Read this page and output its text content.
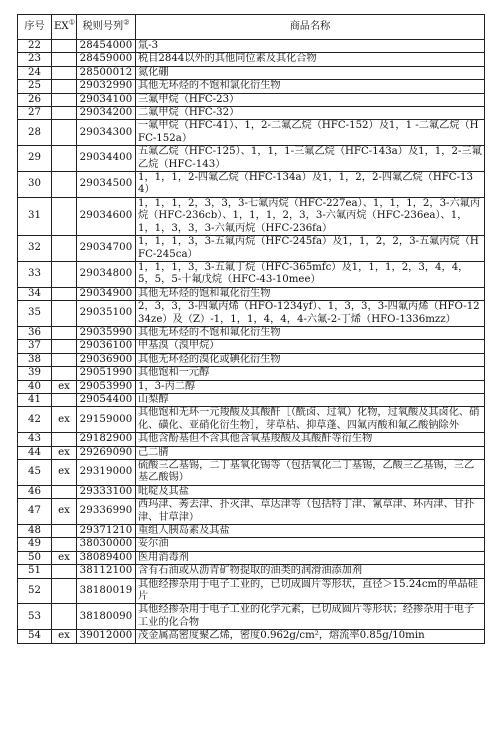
序号	EX①	税则号列②	商品名称
22		28454000	氚-3

23		28459000	税目2844以外的其他同位素及其化合物

24		28500012	氮化硼

25		29032990	其他无环烃的不饱和氯化衍生物

26		29034100	三氟甲烷（HFC-23）

27		29034200	二氟甲烷（HFC-32）

28		29034300	一氟甲烷（HFC-41）、1，2-二氟乙烷（HFC-152）及1，1 -二氟乙烷（HFC-152a）

29		29034400	五氟乙烷（HFC-125）、1，1，1-三氟乙烷（HFC-143a）及1，1，2-三氟乙烷（HFC-143）

30		29034500	1，1，1，2-四氟乙烷（HFC-134a）及1，1，2，2-四氟乙烷（HFC-134）

31		29034600	1，1，1，2，3，3，3-七氟丙烷（HFC-227ea）、1，1，1，2，3-六氟丙烷（HFC-236cb）、1，1，1，2，3，3-六氟丙烷（HFC-236ea）、1，1，1，3，3，3-六氟丙烷（HFC-236fa）

32		29034700	1，1，1，3，3-五氟丙烷（HFC-245fa）及1，1，2，2，3-五氟丙烷（HFC-245ca）

33		29034800	1，1，1，3，3-五氟丁烷（HFC-365mfc）及1，1，1，2，3，4，4，5，5，5-十氟戊烷（HFC-43-10mee）

34		29034900	其他无环烃的饱和氟化衍生物

35		29035100	2，3，3，3-四氟丙烯（HFO-1234yf）、1，3，3，3-四氟丙烯（HFO-1234ze）及（Z）-1，1，1，4，4，4-六氟-2-丁烯（HFO-1336mzz）

36		29035990	其他无环烃的不饱和氟化衍生物

37		29036100	甲基溴（溴甲烷）

38		29036900	其他无环烃的溴化或碘化衍生物

39		29051990	其他饱和一元醇

40	ex	29053990	1，3-丙二醇

41		29054400	山梨醇

42	ex	29159000	其他饱和无环一元羧酸及其酸酐［（酰卤、过氧）化物，过氧酸及其卤化、硝化、磺化、亚硝化衍生物］，芽草枯、抑草蓬、四氟丙酸和氟乙酸钠除外

43		29182900	其他含酚基但不含其他含氧基羧酸及其酸酐等衍生物

44	ex	29269090	己二腈

45	ex	29319000	硫酸三乙基锡，二丁基氧化锡等（包括氧化二丁基锡，乙酸三乙基锡，三乙基乙酸锡）

46		29333100	吡啶及其盐

47	ex	29336990	西玛津、莠去津、扑灭津、草达津等（包括特丁津、氰草津、环丙津、甘扑津、甘草津）

48		29371210	重组人胰岛素及其盐

49		38030000	妥尔油

50	ex	38089400	医用消毒剂

51		38112100	含有石油或从沥青矿物提取的油类的润滑油添加剂

52		38180019	其他经掺杂用于电子工业的，已切成圆片等形状，直径＞15.24cm的单晶硅片

53		38180090	其他经掺杂用于电子工业的化学元素，已切成圆片等形状；经掺杂用于电子工业的化合物

54	ex	39012000	茂金属高密度聚乙烯，密度0.962g/cm²，熔流率0.85g/10min
